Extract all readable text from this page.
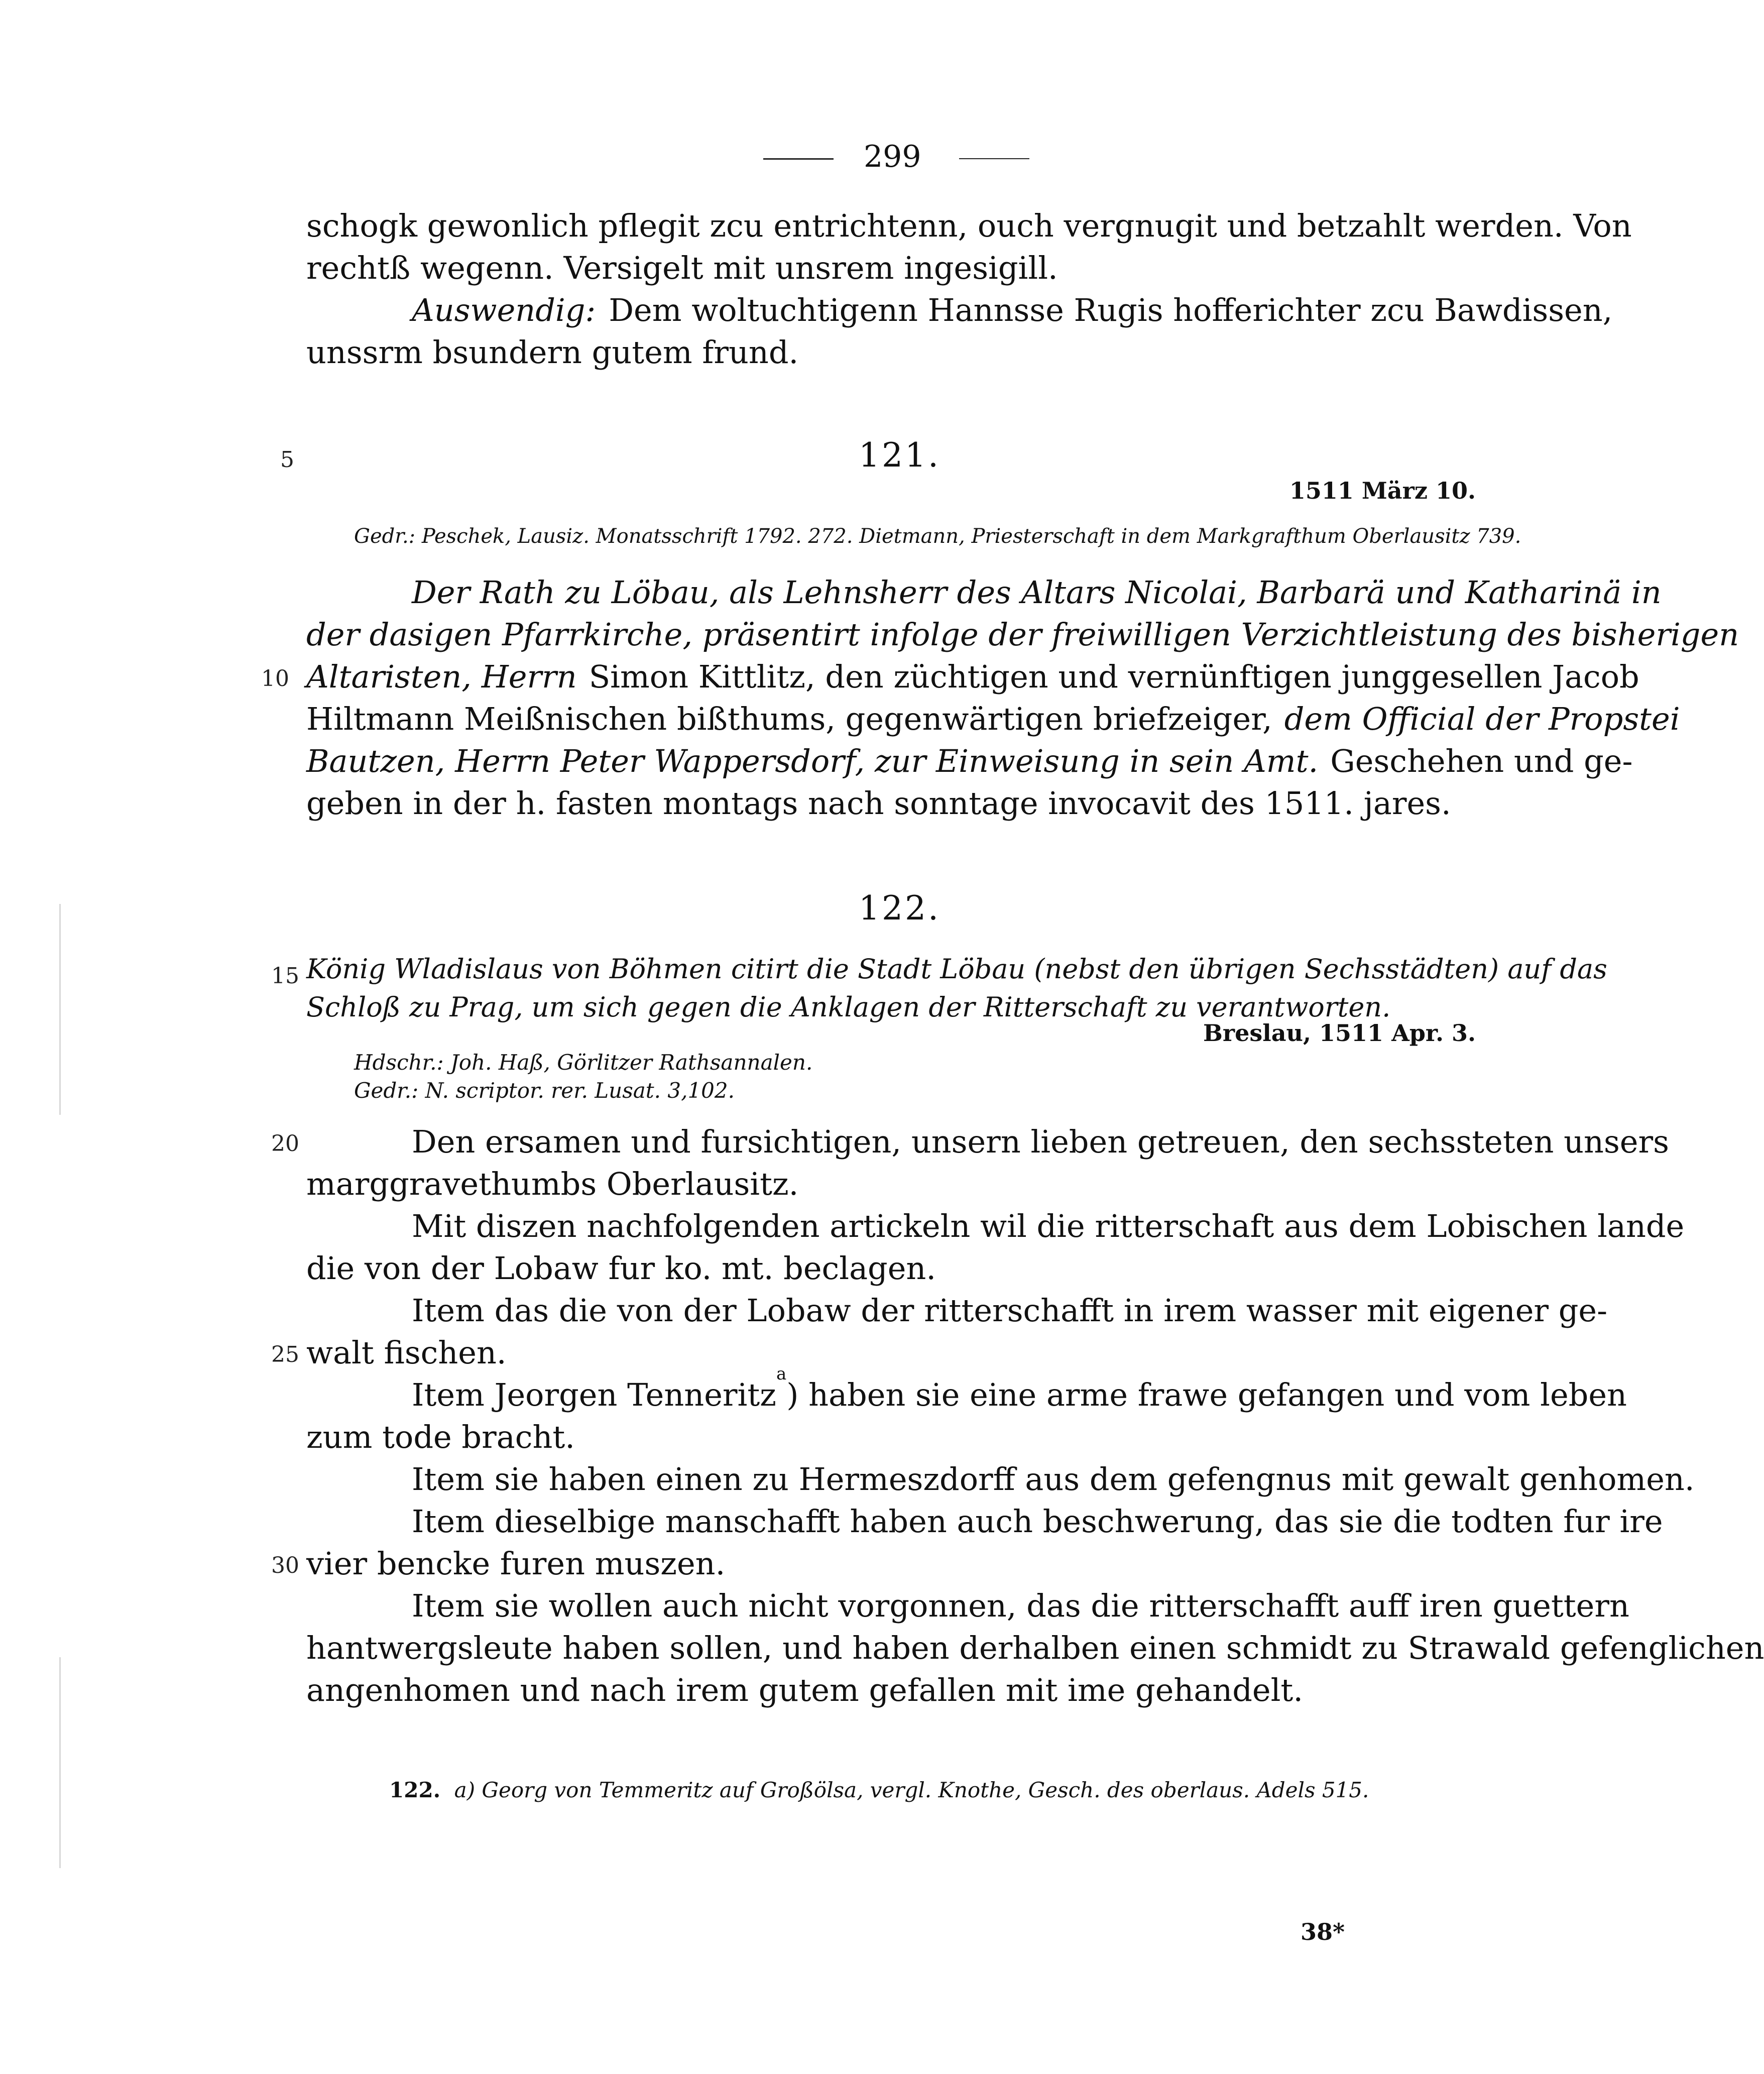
299
schogk gewonlich pflegit zcu entrichtenn, ouch vergnugit und betzahlt werden. Von
rechtß wegenn. Versigelt mit unsrem ingesigill.
Auswendig: Dem woltuchtigenn Hannsse Rugis hofferichter zcu Bawdissen,
unssrm bsundern gutem frund.
5	121.
1511 März 10.
Gedr.: Peschek, Lausiz. Monatsschrift 1792. 272. Dietmann, Priesterschaft in dem Markgrafthum Oberlausitz 739.
Der Rath zu Löbau, als Lehnsherr des Altars Nicolai, Barbarä und Katharinä in
der dasigen Pfarrkirche, präsentirt infolge der freiwilligen Verzichtleistung des bisherigen
10 Altaristen, Herrn Simon Kittlitz, den züchtigen und vernünftigen junggesellen Jacob
Hiltmann Meißnischen bißthums, gegenwärtigen briefzeiger, dem Official der Propstei
Bautzen, Herrn Peter Wappersdorf, zur Einweisung in sein Amt. Geschehen und ge-
geben in der h. fasten montags nach sonntage invocavit des 1511. jares.
122.
15 König Wladislaus von Böhmen citirt die Stadt Löbau (nebst den übrigen Sechsstädten) auf das
Schloß zu Prag, um sich gegen die Anklagen der Ritterschaft zu verantworten.
Breslau, 1511 Apr. 3.
Hdschr.: Joh. Haß, Görlitzer Rathsannalen.
Gedr.: N. scriptor. rer. Lusat. 3,102.
20	Den ersamen und fursichtigen, unsern lieben getreuen, den sechssteten unsers
marggravethumbs Oberlausitz.
Mit diszen nachfolgenden artickeln wil die ritterschaft aus dem Lobischen lande
die von der Lobaw fur ko. mt. beclagen.
Item das die von der Lobaw der ritterschafft in irem wasser mit eigener ge-
25 walt fischen.
Item Jeorgen Tenneritz
a
) haben sie eine arme frawe gefangen und vom leben
zum tode bracht.
Item sie haben einen zu Hermeszdorff aus dem gefengnus mit gewalt genhomen.
Item dieselbige manschafft haben auch beschwerung, das sie die todten fur ire
30 vier bencke furen muszen.
Item sie wollen auch nicht vorgonnen, das die ritterschafft auff iren guettern
hantwergsleute haben sollen, und haben derhalben einen schmidt zu Strawald gefenglichen
angenhomen und nach irem gutem gefallen mit ime gehandelt.
122. a) Georg von Temmeritz auf Großölsa, vergl. Knothe, Gesch. des oberlaus. Adels 515.
38*
